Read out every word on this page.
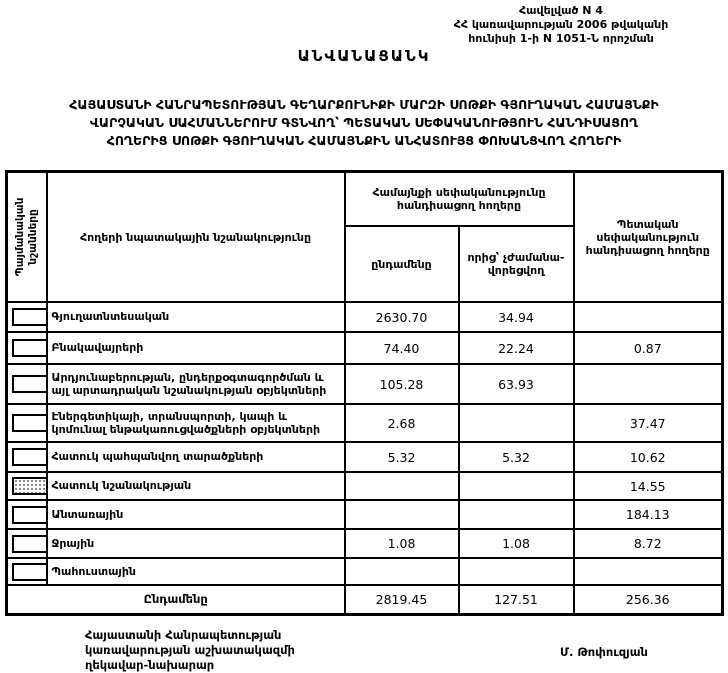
Հավելված N 4
ՀՀ կառավարության 2006 թվականի
հունիսի 1-ի N 1051-Ն որոշման
ԱՆՎԱՆԱՑԱՆԿ
ՀԱՅԱՍՏԱՆԻ ՀԱՆՐԱՊԵՏՈՒԹՅԱՆ ԳԵՂԱՐՔՈՒՆԻՔԻ ՄԱՐԶԻ ՍՈԹՔԻ ԳՅՈՒՂԱԿԱՆ ՀԱՄԱՅՆՔԻ
ՎԱՐՉԱԿԱՆ ՍԱՀՄԱՆՆԵՐՈՒՄ ԳՏՆՎՈՂ՝ ՊԵՏԱԿԱՆ ՍԵՓԱԿԱՆՈՒԹՅՈՒՆ ՀԱՆԴԻՍԱՑՈՂ
ՀՈՂԵՐԻՑ ՍՈԹՔԻ ԳՅՈՒՂԱԿԱՆ ՀԱՄԱՅՆՔԻՆ ԱՆՀԱՏՈՒՅՑ ՓՈԽԱՆՑՎՈՂ ՀՈՂԵՐԻ
Պայմանական
նշանները	Հողերի նպատակային նշանակությունը	Համայնքի սեփականությունը հանդիսացող հողերը		Պետական սեփականություն հանդիսացող հողերը
		ընդամենը	որից՝ չժամանա-
վորեցվող	

	Գյուղատնտեսական	2630.70	34.94	

	Բնակավայրերի	74.40	22.24	0.87

	Արդյունաբերության, ընդերքօգտագործման և այլ արտադրական նշանակության օբյեկտների	105.28	63.93	

	Էներգետիկայի, տրանսպորտի, կապի և կոմունալ ենթակառուցվածքների օբյեկտների	2.68		37.47

	Հատուկ պահպանվող տարածքների	5.32	5.32	10.62

	Հատուկ նշանակության			14.55

	Անտառային			184.13

	Ջրային	1.08	1.08	8.72

	Պահուստային			
Ընդամենը		2819.45	127.51	256.36
Հայաստանի Հանրապետության
կառավարության աշխատակազմի
ղեկավար-նախարար
Մ. Թոփուզյան
